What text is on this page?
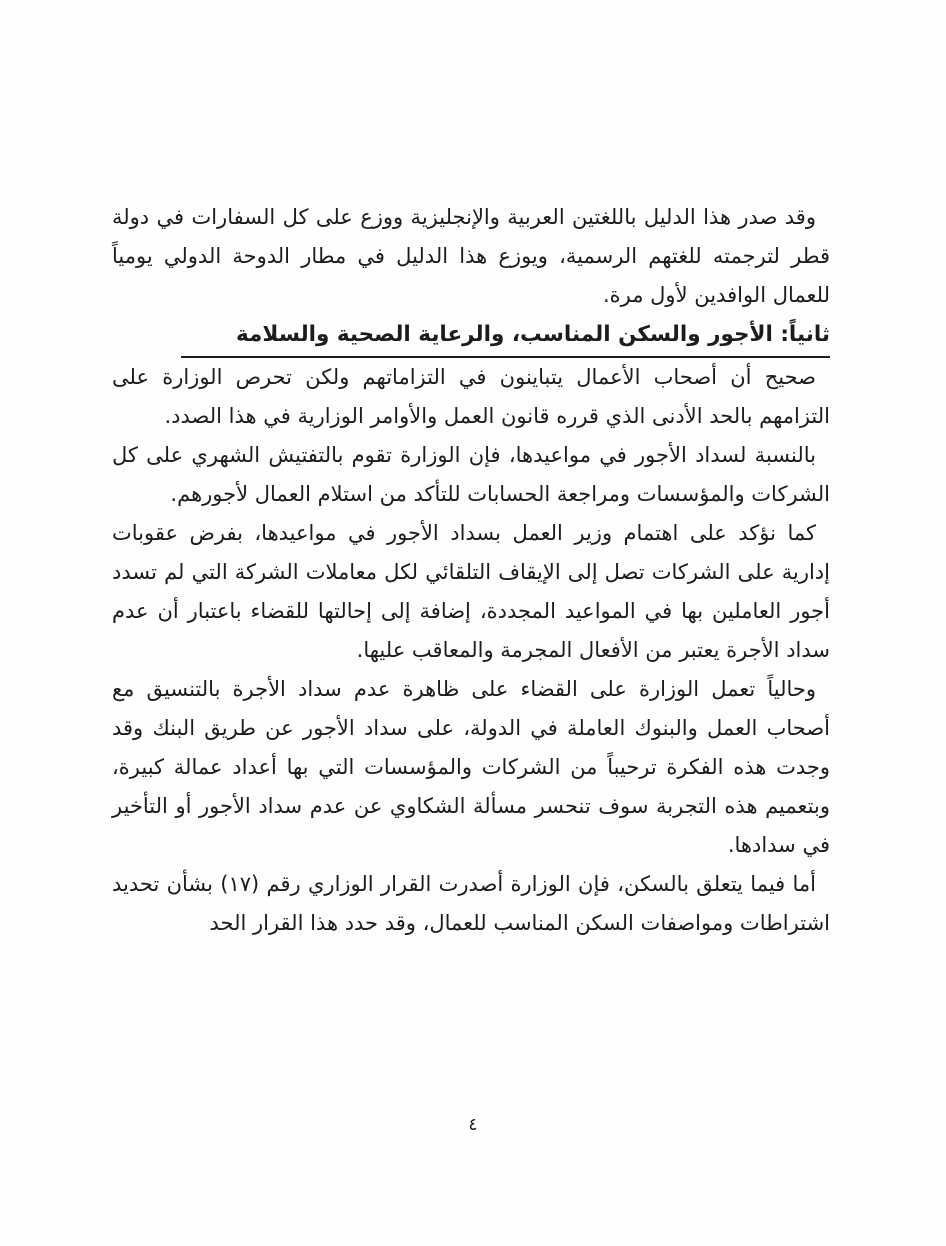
وقد صدر هذا الدليل باللغتين العربية والإنجليزية ووزع على كل السفارات في دولة قطر لترجمته للغتهم الرسمية، ويوزع هذا الدليل في مطار الدوحة الدولي يومياً للعمال الوافدين لأول مرة.

ثانياً: الأجور والسكن المناسب، والرعاية الصحية والسلامة

صحيح أن أصحاب الأعمال يتباينون في التزاماتهم ولكن تحرص الوزارة على التزامهم بالحد الأدنى الذي قرره قانون العمل والأوامر الوزارية في هذا الصدد.

بالنسبة لسداد الأجور في مواعيدها، فإن الوزارة تقوم بالتفتيش الشهري على كل الشركات والمؤسسات ومراجعة الحسابات للتأكد من استلام العمال لأجورهم.

كما نؤكد على اهتمام وزير العمل بسداد الأجور في مواعيدها، بفرض عقوبات إدارية على الشركات تصل إلى الإيقاف التلقائي لكل معاملات الشركة التي لم تسدد أجور العاملين بها في المواعيد المجددة، إضافة إلى إحالتها للقضاء باعتبار أن عدم سداد الأجرة يعتبر من الأفعال المجرمة والمعاقب عليها.

وحالياً تعمل الوزارة على القضاء على ظاهرة عدم سداد الأجرة بالتنسيق مع أصحاب العمل والبنوك العاملة في الدولة، على سداد الأجور عن طريق البنك وقد وجدت هذه الفكرة ترحيباً من الشركات والمؤسسات التي بها أعداد عمالة كبيرة، وبتعميم هذه التجربة سوف تنحسر مسألة الشكاوي عن عدم سداد الأجور أو التأخير في سدادها.

أما فيما يتعلق بالسكن، فإن الوزارة أصدرت القرار الوزاري رقم (١٧) بشأن تحديد اشتراطات ومواصفات السكن المناسب للعمال، وقد حدد هذا القرار الحد

٤
